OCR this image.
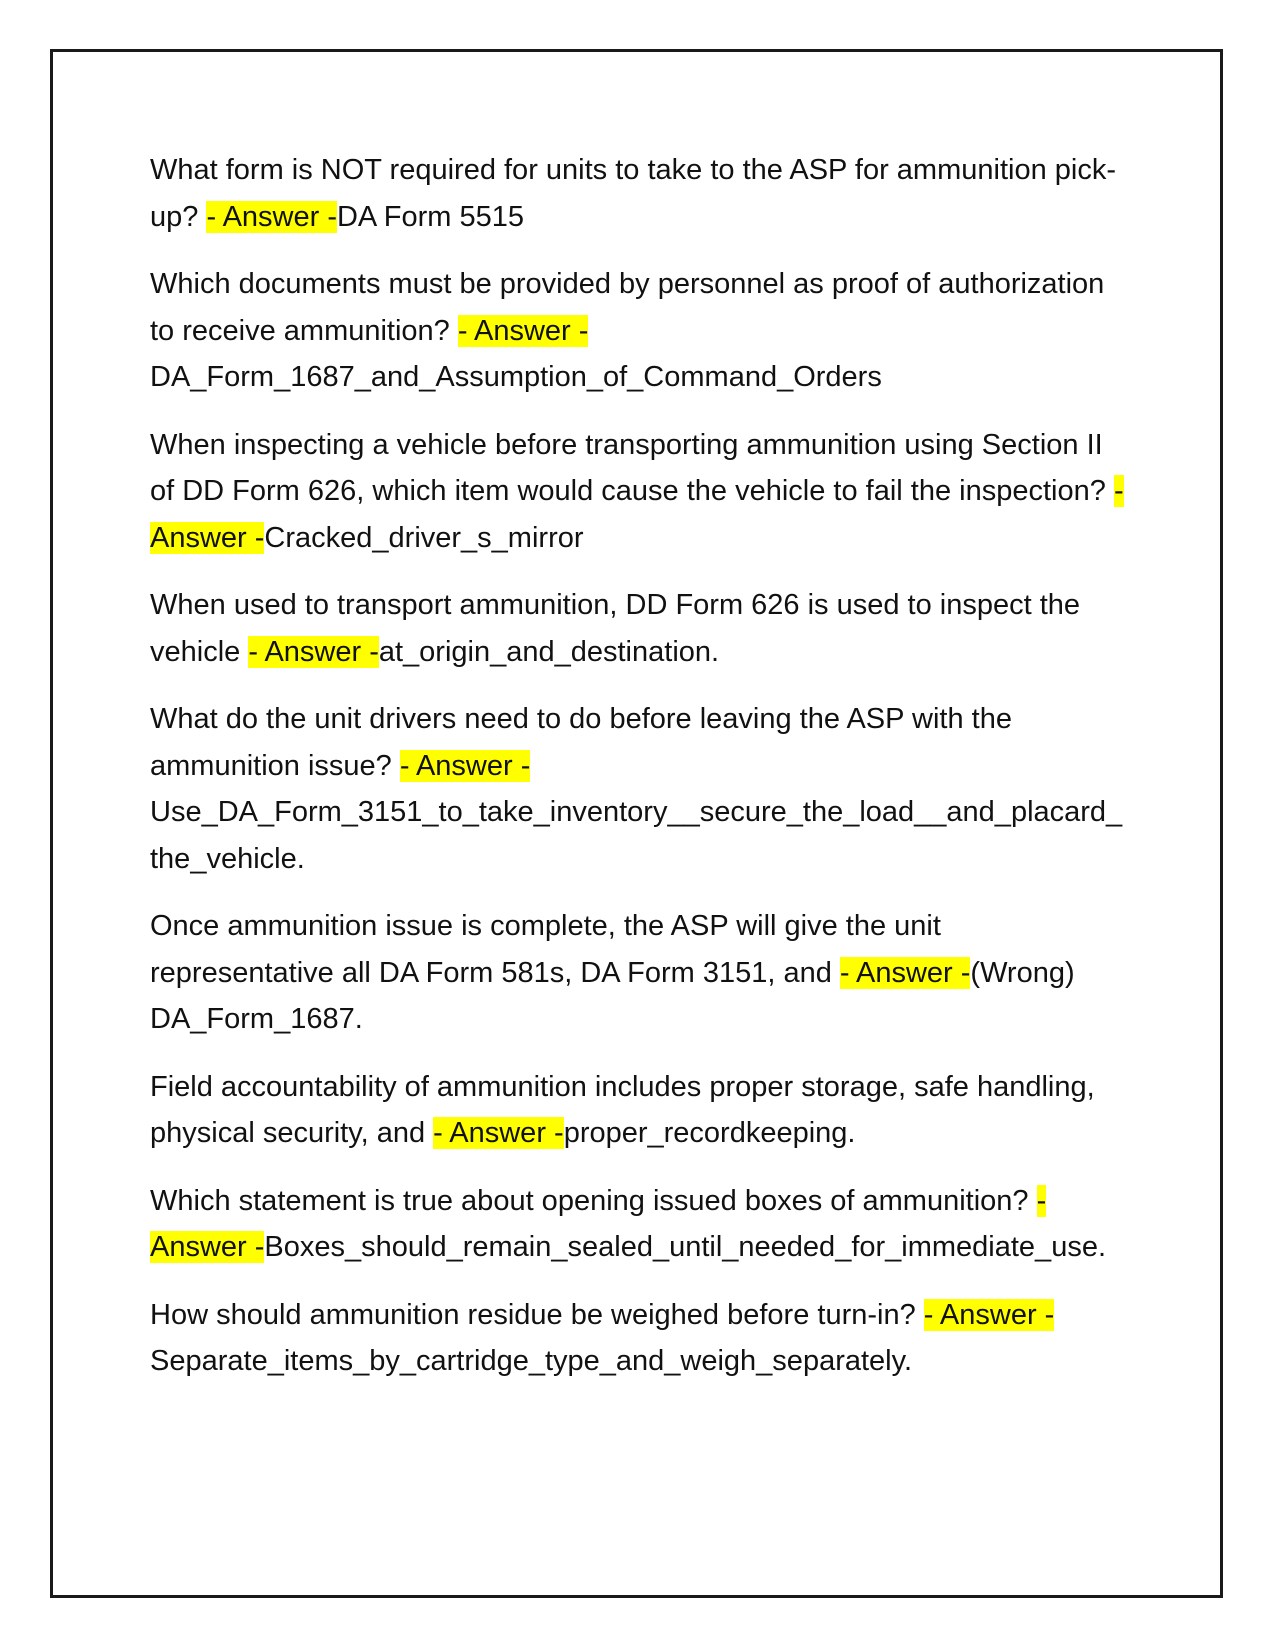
What form is NOT required for units to take to the ASP for ammunition pick-up? - Answer -DA Form 5515

Which documents must be provided by personnel as proof of authorization to receive ammunition? - Answer -DA_Form_1687_and_Assumption_of_Command_Orders

When inspecting a vehicle before transporting ammunition using Section II of DD Form 626, which item would cause the vehicle to fail the inspection? - Answer -Cracked_driver_s_mirror

When used to transport ammunition, DD Form 626 is used to inspect the vehicle - Answer -at_origin_and_destination.

What do the unit drivers need to do before leaving the ASP with the ammunition issue? - Answer -Use_DA_Form_3151_to_take_inventory__secure_the_load__and_placard_the_vehicle.

Once ammunition issue is complete, the ASP will give the unit representative all DA Form 581s, DA Form 3151, and - Answer -(Wrong) DA_Form_1687.

Field accountability of ammunition includes proper storage, safe handling, physical security, and - Answer -proper_recordkeeping.

Which statement is true about opening issued boxes of ammunition? - Answer -Boxes_should_remain_sealed_until_needed_for_immediate_use.

How should ammunition residue be weighed before turn-in? - Answer -Separate_items_by_cartridge_type_and_weigh_separately.
